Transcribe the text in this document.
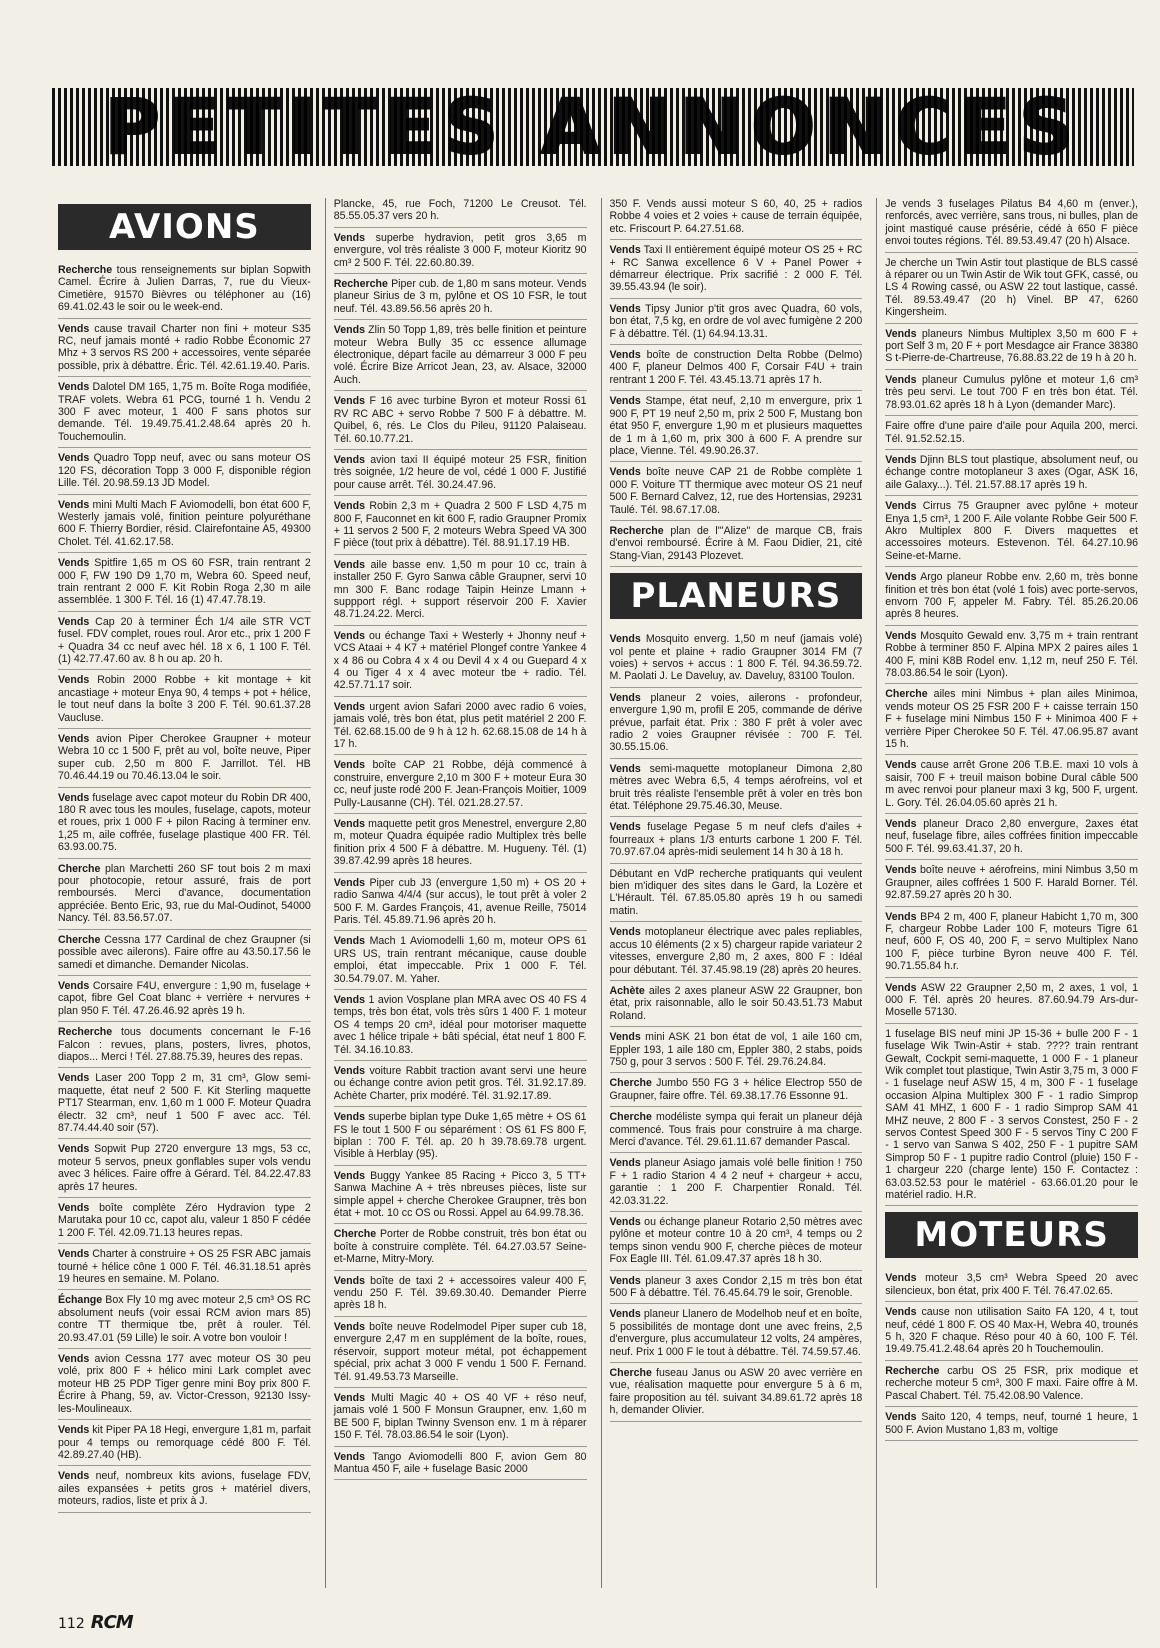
PETITES ANNONCES
AVIONS

Recherche tous renseignements sur biplan Sopwith Camel. Écrire à Julien Darras, 7, rue du Vieux-Cimetière, 91570 Bièvres ou téléphoner au (16) 69.41.02.43 le soir ou le week-end.

Vends cause travail Charter non fini + moteur S35 RC, neuf jamais monté + radio Robbe Économic 27 Mhz + 3 servos RS 200 + accessoires, vente séparée possible, prix à débattre. Éric. Tél. 42.61.19.40. Paris.

Vends Dalotel DM 165, 1,75 m. Boîte Roga modifiée, TRAF volets. Webra 61 PCG, tourné 1 h. Vendu 2 300 F avec moteur, 1 400 F sans photos sur demande. Tél. 19.49.75.41.2.48.64 après 20 h. Touchemoulin.

Vends Quadro Topp neuf, avec ou sans moteur OS 120 FS, décoration Topp 3 000 F, disponible région Lille. Tél. 20.98.59.13 JD Model.

Vends mini Multi Mach F Aviomodelli, bon état 600 F, Westerly jamais volé, finition peinture polyuréthane 600 F. Thierry Bordier, résid. Clairefontaine A5, 49300 Cholet. Tél. 41.62.17.58.

Vends Spitfire 1,65 m OS 60 FSR, train rentrant 2 000 F, FW 190 D9 1,70 m, Webra 60. Speed neuf, train rentrant 2 000 F. Kit Robin Roga 2,30 m aile assemblée. 1 300 F. Tél. 16 (1) 47.47.78.19.

Vends Cap 20 à terminer Éch 1/4 aile STR VCT fusel. FDV complet, roues roul. Aror etc., prix 1 200 F + Quadra 34 cc neuf avec hél. 18 x 6, 1 100 F. Tél. (1) 42.77.47.60 av. 8 h ou ap. 20 h.

Vends Robin 2000 Robbe + kit montage + kit ancastiage + moteur Enya 90, 4 temps + pot + hélice, le tout neuf dans la boîte 3 200 F. Tél. 90.61.37.28 Vaucluse.

Vends avion Piper Cherokee Graupner + moteur Webra 10 cc 1 500 F, prêt au vol, boîte neuve, Piper super cub. 2,50 m 800 F. Jarrillot. Tél. HB 70.46.44.19 ou 70.46.13.04 le soir.

Vends fuselage avec capot moteur du Robin DR 400, 180 R avec tous les moules, fuselage, capots, moteur et roues, prix 1 000 F + pilon Racing à terminer env. 1,25 m, aile coffrée, fuselage plastique 400 FR. Tél. 63.93.00.75.

Cherche plan Marchetti 260 SF tout bois 2 m maxi pour photocopie, retour assuré, frais de port remboursés. Merci d'avance, documentation appréciée. Bento Eric, 93, rue du Mal-Oudinot, 54000 Nancy. Tél. 83.56.57.07.

Cherche Cessna 177 Cardinal de chez Graupner (si possible avec ailerons). Faire offre au 43.50.17.56 le samedi et dimanche. Demander Nicolas.

Vends Corsaire F4U, envergure : 1,90 m, fuselage + capot, fibre Gel Coat blanc + verrière + nervures + plan 950 F. Tél. 47.26.46.92 après 19 h.

Recherche tous documents concernant le F-16 Falcon : revues, plans, posters, livres, photos, diapos... Merci ! Tél. 27.88.75.39, heures des repas.

Vends Laser 200 Topp 2 m, 31 cm³, Glow semi-maquette, état neuf 2 500 F. Kit Sterling maquette PT17 Stearman, env. 1,60 m 1 000 F. Moteur Quadra électr. 32 cm³, neuf 1 500 F avec acc. Tél. 87.74.44.40 soir (57).

Vends Sopwit Pup 2720 envergure 13 mgs, 53 cc, moteur 5 servos, pneux gonflables super vols vendu avec 3 hélices. Faire offre à Gérard. Tél. 84.22.47.83 après 17 heures.

Vends boîte complète Zéro Hydravion type 2 Marutaka pour 10 cc, capot alu, valeur 1 850 F cédée 1 200 F. Tél. 42.09.71.13 heures repas.

Vends Charter à construire + OS 25 FSR ABC jamais tourné + hélice cône 1 000 F. Tél. 46.31.18.51 après 19 heures en semaine. M. Polano.

Échange Box Fly 10 mg avec moteur 2,5 cm³ OS RC absolument neufs (voir essai RCM avion mars 85) contre TT thermique tbe, prêt à rouler. Tél. 20.93.47.01 (59 Lille) le soir. A votre bon vouloir !

Vends avion Cessna 177 avec moteur OS 30 peu volé, prix 800 F + hélico mini Lark complet avec moteur HB 25 PDP Tiger genre mini Boy prix 800 F. Écrire à Phang, 59, av. Victor-Cresson, 92130 Issy-les-Moulineaux.

Vends kit Piper PA 18 Hegi, envergure 1,81 m, parfait pour 4 temps ou remorquage cédé 800 F. Tél. 42.89.27.40 (HB).

Vends neuf, nombreux kits avions, fuselage FDV, ailes expansées + petits gros + matériel divers, moteurs, radios, liste et prix à J.

Plancke, 45, rue Foch, 71200 Le Creusot. Tél. 85.55.05.37 vers 20 h.

Vends superbe hydravion, petit gros 3,65 m envergure, vol très réaliste 3 000 F, moteur Kioritz 90 cm³ 2 500 F. Tél. 22.60.80.39.

Recherche Piper cub. de 1,80 m sans moteur. Vends planeur Sirius de 3 m, pylône et OS 10 FSR, le tout neuf. Tél. 43.89.56.56 après 20 h.

Vends Zlin 50 Topp 1,89, très belle finition et peinture moteur Webra Bully 35 cc essence allumage électronique, départ facile au démarreur 3 000 F peu volé. Écrire Bize Arricot Jean, 23, av. Alsace, 32000 Auch.

Vends F 16 avec turbine Byron et moteur Rossi 61 RV RC ABC + servo Robbe 7 500 F à débattre. M. Quibel, 6, rés. Le Clos du Pileu, 91120 Palaiseau. Tél. 60.10.77.21.

Vends avion taxi II équipé moteur 25 FSR, finition très soignée, 1/2 heure de vol, cédé 1 000 F. Justifié pour cause arrêt. Tél. 30.24.47.96.

Vends Robin 2,3 m + Quadra 2 500 F LSD 4,75 m 800 F, Fauconnet en kit 600 F, radio Graupner Promix + 11 servos 2 500 F, 2 moteurs Webra Speed VA 300 F pièce (tout prix à débattre). Tél. 88.91.17.19 HB.

Vends aile basse env. 1,50 m pour 10 cc, train à installer 250 F. Gyro Sanwa câble Graupner, servi 10 mn 300 F. Banc rodage Taipin Heinze Lmann + suppport régl. + support réservoir 200 F. Xavier 48.71.24.22. Merci.

Vends ou échange Taxi + Westerly + Jhonny neuf + VCS Ataai + 4 K7 + matériel Plongef contre Yankee 4 x 4 86 ou Cobra 4 x 4 ou Devil 4 x 4 ou Guepard 4 x 4 ou Tiger 4 x 4 avec moteur tbe + radio. Tél. 42.57.71.17 soir.

Vends urgent avion Safari 2000 avec radio 6 voies, jamais volé, très bon état, plus petit matériel 2 200 F. Tél. 62.68.15.00 de 9 h à 12 h. 62.68.15.08 de 14 h à 17 h.

Vends boîte CAP 21 Robbe, déjà commencé à construire, envergure 2,10 m 300 F + moteur Eura 30 cc, neuf juste rodé 200 F. Jean-François Moitier, 1009 Pully-Lausanne (CH). Tél. 021.28.27.57.

Vends maquette petit gros Menestrel, envergure 2,80 m, moteur Quadra équipée radio Multiplex très belle finition prix 4 500 F à débattre. M. Hugueny. Tél. (1) 39.87.42.99 après 18 heures.

Vends Piper cub J3 (envergure 1,50 m) + OS 20 + radio Sanwa 4/4/4 (sur accus), le tout prêt à voler 2 500 F. M. Gardes François, 41, avenue Reille, 75014 Paris. Tél. 45.89.71.96 après 20 h.

Vends Mach 1 Aviomodelli 1,60 m, moteur OPS 61 URS US, train rentrant mécanique, cause double emploi, état impeccable. Prix 1 000 F. Tél. 30.54.79.07. M. Yaher.

Vends 1 avion Vosplane plan MRA avec OS 40 FS 4 temps, très bon état, vols très sûrs 1 400 F. 1 moteur OS 4 temps 20 cm³, idéal pour motoriser maquette avec 1 hélice tripale + bâti spécial, état neuf 1 800 F. Tél. 34.16.10.83.

Vends voiture Rabbit traction avant servi une heure ou échange contre avion petit gros. Tél. 31.92.17.89. Achète Charter, prix modéré. Tél. 31.92.17.89.

Vends superbe biplan type Duke 1,65 mètre + OS 61 FS le tout 1 500 F ou séparément : OS 61 FS 800 F, biplan : 700 F. Tél. ap. 20 h 39.78.69.78 urgent. Visible à Herblay (95).

Vends Buggy Yankee 85 Racing + Picco 3, 5 TT+ Sanwa Machine A + très nbreuses pièces, liste sur simple appel + cherche Cherokee Graupner, très bon état + mot. 10 cc OS ou Rossi. Appel au 64.99.78.36.

Cherche Porter de Robbe construit, très bon état ou boîte à construire complète. Tél. 64.27.03.57 Seine-et-Marne, Mitry-Mory.

Vends boîte de taxi 2 + accessoires valeur 400 F, vendu 250 F. Tél. 39.69.30.40. Demander Pierre après 18 h.

Vends boîte neuve Rodelmodel Piper super cub 18, envergure 2,47 m en supplément de la boîte, roues, réservoir, support moteur métal, pot échappement spécial, prix achat 3 000 F vendu 1 500 F. Fernand. Tél. 91.49.53.73 Marseille.

Vends Multi Magic 40 + OS 40 VF + réso neuf, jamais volé 1 500 F Monsun Graupner, env. 1,60 m BE 500 F, biplan Twinny Svenson env. 1 m à réparer 150 F. Tél. 78.03.86.54 le soir (Lyon).

Vends Tango Aviomodelli 800 F, avion Gem 80 Mantua 450 F, aile + fuselage Basic 2000

350 F. Vends aussi moteur S 60, 40, 25 + radios Robbe 4 voies et 2 voies + cause de terrain équipée, etc. Friscourt P. 64.27.51.68.

Vends Taxi II entièrement équipé moteur OS 25 + RC + RC Sanwa excellence 6 V + Panel Power + démarreur électrique. Prix sacrifié : 2 000 F. Tél. 39.55.43.94 (le soir).

Vends Tipsy Junior p'tit gros avec Quadra, 60 vols, bon état, 7,5 kg, en ordre de vol avec fumigène 2 200 F à débattre. Tél. (1) 64.94.13.31.

Vends boîte de construction Delta Robbe (Delmo) 400 F, planeur Delmos 400 F, Corsair F4U + train rentrant 1 200 F. Tél. 43.45.13.71 après 17 h.

Vends Stampe, état neuf, 2,10 m envergure, prix 1 900 F, PT 19 neuf 2,50 m, prix 2 500 F, Mustang bon état 950 F, envergure 1,90 m et plusieurs maquettes de 1 m à 1,60 m, prix 300 à 600 F. A prendre sur place, Vienne. Tél. 49.90.26.37.

Vends boîte neuve CAP 21 de Robbe complète 1 000 F. Voiture TT thermique avec moteur OS 21 neuf 500 F. Bernard Calvez, 12, rue des Hortensias, 29231 Taulé. Tél. 98.67.17.08.

Recherche plan de l'"Alize" de marque CB, frais d'envoi remboursé. Écrire à M. Faou Didier, 21, cité Stang-Vian, 29143 Plozevet.

PLANEURS

Vends Mosquito enverg. 1,50 m neuf (jamais volé) vol pente et plaine + radio Graupner 3014 FM (7 voies) + servos + accus : 1 800 F. Tél. 94.36.59.72. M. Paolati J. Le Daveluy, av. Daveluy, 83100 Toulon.

Vends planeur 2 voies, ailerons - profondeur, envergure 1,90 m, profil E 205, commande de dérive prévue, parfait état. Prix : 380 F prêt à voler avec radio 2 voies Graupner révisée : 700 F. Tél. 30.55.15.06.

Vends semi-maquette motoplaneur Dimona 2,80 mètres avec Webra 6,5, 4 temps aérofreins, vol et bruit très réaliste l'ensemble prêt à voler en très bon état. Téléphone 29.75.46.30, Meuse.

Vends fuselage Pegase 5 m neuf clefs d'ailes + fourreaux + plans 1/3 enturts carbone 1 200 F. Tél. 70.97.67.04 après-midi seulement 14 h 30 à 18 h.

Débutant en VdP recherche pratiquants qui veulent bien m'idiquer des sites dans le Gard, la Lozère et L'Hérault. Tél. 67.85.05.80 après 19 h ou samedi matin.

Vends motoplaneur électrique avec pales repliables, accus 10 éléments (2 x 5) chargeur rapide variateur 2 vitesses, envergure 2,80 m, 2 axes, 800 F : Idéal pour débutant. Tél. 37.45.98.19 (28) après 20 heures.

Achète ailes 2 axes planeur ASW 22 Graupner, bon état, prix raisonnable, allo le soir 50.43.51.73 Mabut Roland.

Vends mini ASK 21 bon état de vol, 1 aile 160 cm, Eppler 193, 1 aile 180 cm, Eppler 380, 2 stabs, poids 750 g, pour 3 servos : 500 F. Tél. 29.76.24.84.

Cherche Jumbo 550 FG 3 + hélice Electrop 550 de Graupner, faire offre. Tél. 69.38.17.76 Essonne 91.

Cherche modéliste sympa qui ferait un planeur déjà commencé. Tous frais pour construire à ma charge. Merci d'avance. Tél. 29.61.11.67 demander Pascal.

Vends planeur Asiago jamais volé belle finition ! 750 F + 1 radio Starion 4 4 2 neuf + chargeur + accu, garantie : 1 200 F. Charpentier Ronald. Tél. 42.03.31.22.

Vends ou échange planeur Rotario 2,50 mètres avec pylône et moteur contre 10 à 20 cm³, 4 temps ou 2 temps sinon vendu 900 F, cherche pièces de moteur Fox Eagle III. Tél. 61.09.47.37 après 18 h 30.

Vends planeur 3 axes Condor 2,15 m très bon état 500 F à débattre. Tél. 76.45.64.79 le soir, Grenoble.

Vends planeur Llanero de Modelhob neuf et en boîte, 5 possibilités de montage dont une avec freins, 2,5 d'envergure, plus accumulateur 12 volts, 24 ampères, neuf. Prix 1 000 F le tout à débattre. Tél. 74.59.57.46.

Cherche fuseau Janus ou ASW 20 avec verrière en vue, réalisation maquette pour envergure 5 à 6 m, faire proposition au tél. suivant 34.89.61.72 après 18 h, demander Olivier.

Je vends 3 fuselages Pilatus B4 4,60 m (enver.), renforcés, avec verrière, sans trous, ni bulles, plan de joint mastiqué cause présérie, cédé à 650 F pièce envoi toutes régions. Tél. 89.53.49.47 (20 h) Alsace.

Je cherche un Twin Astir tout plastique de BLS cassé à réparer ou un Twin Astir de Wik tout GFK, cassé, ou LS 4 Rowing cassé, ou ASW 22 tout lastique, cassé. Tél. 89.53.49.47 (20 h) Vinel. BP 47, 6260 Kingersheim.

Vends planeurs Nimbus Multiplex 3,50 m 600 F + port Self 3 m, 20 F + port Mesdagce air France 38380 S t-Pierre-de-Chartreuse, 76.88.83.22 de 19 h à 20 h.

Vends planeur Cumulus pylône et moteur 1,6 cm³ très peu servi. Le tout 700 F en très bon état. Tél. 78.93.01.62 après 18 h à Lyon (demander Marc).

Faire offre d'une paire d'aile pour Aquila 200, merci. Tél. 91.52.52.15.

Vends Djinn BLS tout plastique, absolument neuf, ou échange contre motoplaneur 3 axes (Ogar, ASK 16, aile Galaxy...). Tél. 21.57.88.17 après 19 h.

Vends Cirrus 75 Graupner avec pylône + moteur Enya 1,5 cm³, 1 200 F. Aile volante Robbe Geir 500 F. Akro Multiplex 800 F. Divers maquettes et accessoires moteurs. Estevenon. Tél. 64.27.10.96 Seine-et-Marne.

Vends Argo planeur Robbe env. 2,60 m, très bonne finition et très bon état (volé 1 fois) avec porte-servos, envorn 700 F, appeler M. Fabry. Tél. 85.26.20.06 après 8 heures.

Vends Mosquito Gewald env. 3,75 m + train rentrant Robbe à terminer 850 F. Alpina MPX 2 paires ailes 1 400 F, mini K8B Rodel env. 1,12 m, neuf 250 F. Tél. 78.03.86.54 le soir (Lyon).

Cherche ailes mini Nimbus + plan ailes Minimoa, vends moteur OS 25 FSR 200 F + caisse terrain 150 F + fuselage mini Nimbus 150 F + Minimoa 400 F + verrière Piper Cherokee 50 F. Tél. 47.06.95.87 avant 15 h.

Vends cause arrêt Grone 206 T.B.E. maxi 10 vols à saisir, 700 F + treuil maison bobine Dural câble 500 m avec renvoi pour planeur maxi 3 kg, 500 F, urgent. L. Gory. Tél. 26.04.05.60 après 21 h.

Vends planeur Draco 2,80 envergure, 2axes état neuf, fuselage fibre, ailes coffrées finition impeccable 500 F. Tél. 99.63.41.37, 20 h.

Vends boîte neuve + aérofreins, mini Nimbus 3,50 m Graupner, ailes coffrées 1 500 F. Harald Borner. Tél. 92.87.59.27 après 20 h 30.

Vends BP4 2 m, 400 F, planeur Habicht 1,70 m, 300 F, chargeur Robbe Lader 100 F, moteurs Tigre 61 neuf, 600 F, OS 40, 200 F, = servo Multiplex Nano 100 F, pièce turbine Byron neuve 400 F. Tél. 90.71.55.84 h.r.

Vends ASW 22 Graupner 2,50 m, 2 axes, 1 vol, 1 000 F. Tél. après 20 heures. 87.60.94.79 Ars-dur-Moselle 57130.

1 fuselage BIS neuf mini JP 15-36 + bulle 200 F - 1 fuselage Wik Twin-Astir + stab. ???? train rentrant Gewalt, Cockpit semi-maquette, 1 000 F - 1 planeur Wik complet tout plastique, Twin Astir 3,75 m, 3 000 F - 1 fuselage neuf ASW 15, 4 m, 300 F - 1 fuselage occasion Alpina Multiplex 300 F - 1 radio Simprop SAM 41 MHZ, 1 600 F - 1 radio Simprop SAM 41 MHZ neuve, 2 800 F - 3 servos Constest, 250 F - 2 servos Contest Speed 300 F - 5 servos Tiny C 200 F - 1 servo van Sanwa S 402, 250 F - 1 pupitre SAM Simprop 50 F - 1 pupitre radio Control (pluie) 150 F - 1 chargeur 220 (charge lente) 150 F. Contactez : 63.03.52.53 pour le matériel - 63.66.01.20 pour le matériel radio. H.R.

MOTEURS

Vends moteur 3,5 cm³ Webra Speed 20 avec silencieux, bon état, prix 400 F. Tél. 76.47.02.65.

Vends cause non utilisation Saito FA 120, 4 t, tout neuf, cédé 1 800 F. OS 40 Max-H, Webra 40, trounés 5 h, 320 F chaque. Réso pour 40 à 60, 100 F. Tél. 19.49.75.41.2.48.64 après 20 h Touchemoulin.

Recherche carbu OS 25 FSR, prix modique et recherche moteur 5 cm³, 300 F maxi. Faire offre à M. Pascal Chabert. Tél. 75.42.08.90 Valence.

Vends Saito 120, 4 temps, neuf, tourné 1 heure, 1 500 F. Avion Mustano 1,83 m, voltige

112 RCM
